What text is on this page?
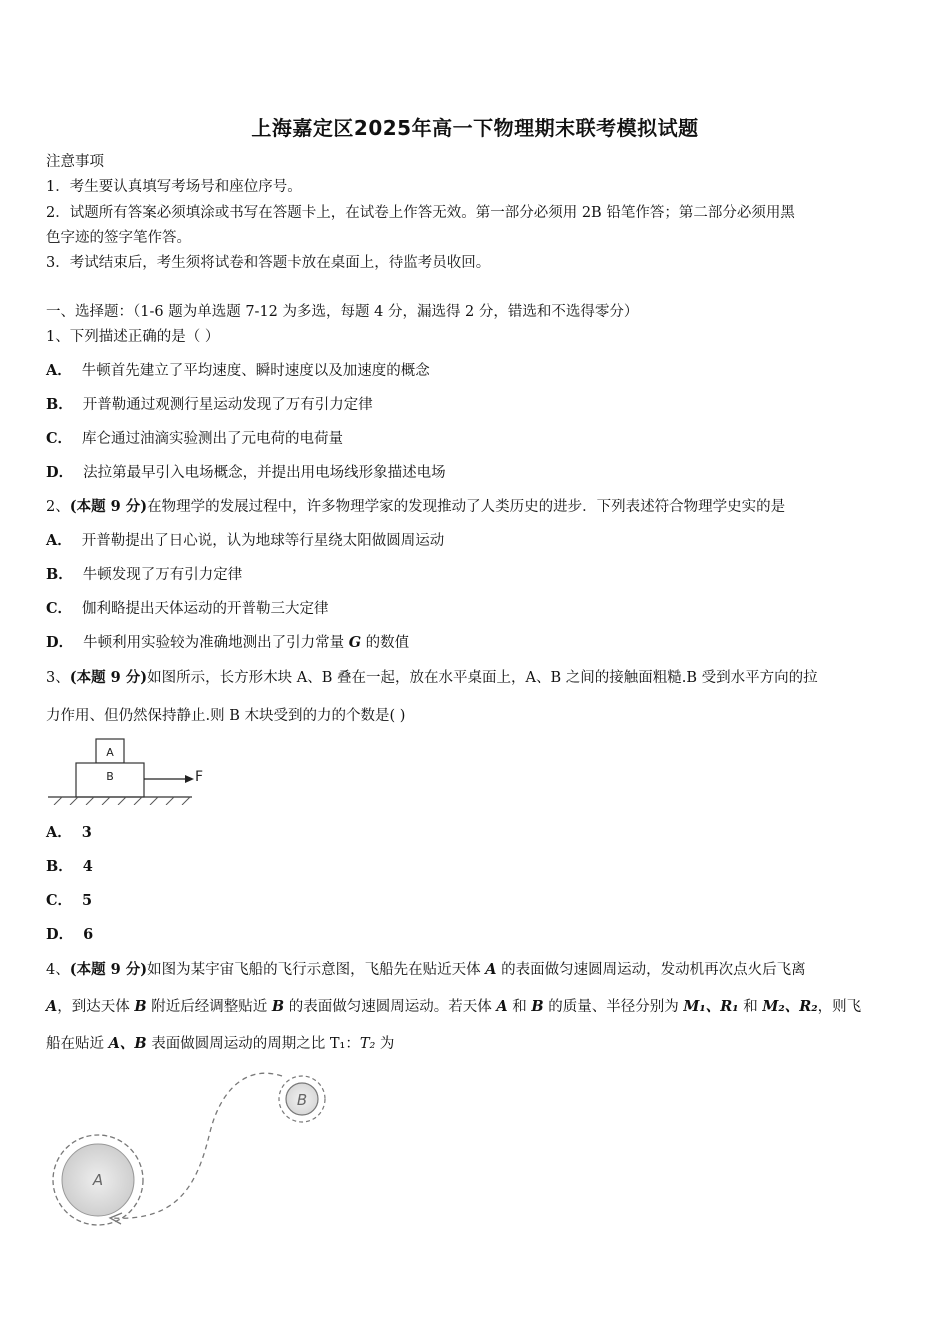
上海嘉定区2025年高一下物理期末联考模拟试题
注意事项
1．考生要认真填写考场号和座位序号。
2．试题所有答案必须填涂或书写在答题卡上，在试卷上作答无效。第一部分必须用 2B 铅笔作答；第二部分必须用黑
色字迹的签字笔作答。
3．考试结束后，考生须将试卷和答题卡放在桌面上，待监考员收回。
一、选择题：（1-6 题为单选题 7-12 为多选，每题 4 分，漏选得 2 分，错选和不选得零分）
1、下列描述正确的是（ ）
A． 牛顿首先建立了平均速度、瞬时速度以及加速度的概念
B． 开普勒通过观测行星运动发现了万有引力定律
C． 库仑通过油滴实验测出了元电荷的电荷量
D． 法拉第最早引入电场概念，并提出用电场线形象描述电场
2、(本题 9 分)在物理学的发展过程中，许多物理学家的发现推动了人类历史的进步．下列表述符合物理学史实的是
A． 开普勒提出了日心说，认为地球等行星绕太阳做圆周运动
B． 牛顿发现了万有引力定律
C． 伽利略提出天体运动的开普勒三大定律
D． 牛顿利用实验较为准确地测出了引力常量 G 的数值
3、(本题 9 分)如图所示，长方形木块 A、B 叠在一起，放在水平桌面上，A、B 之间的接触面粗糙.B 受到水平方向的拉
力作用、但仍然保持静止.则 B 木块受到的力的个数是( )
A
B	F
A． 3
B． 4
C． 5
D． 6
4、(本题 9 分)如图为某宇宙飞船的飞行示意图，飞船先在贴近天体 A 的表面做匀速圆周运动，发动机再次点火后飞离
A，到达天体 B 附近后经调整贴近 B 的表面做匀速圆周运动。若天体 A 和 B 的质量、半径分别为 M₁、R₁ 和 M₂、R₂，则飞
船在贴近 A、B 表面做圆周运动的周期之比 T₁：T₂ 为
A
B
